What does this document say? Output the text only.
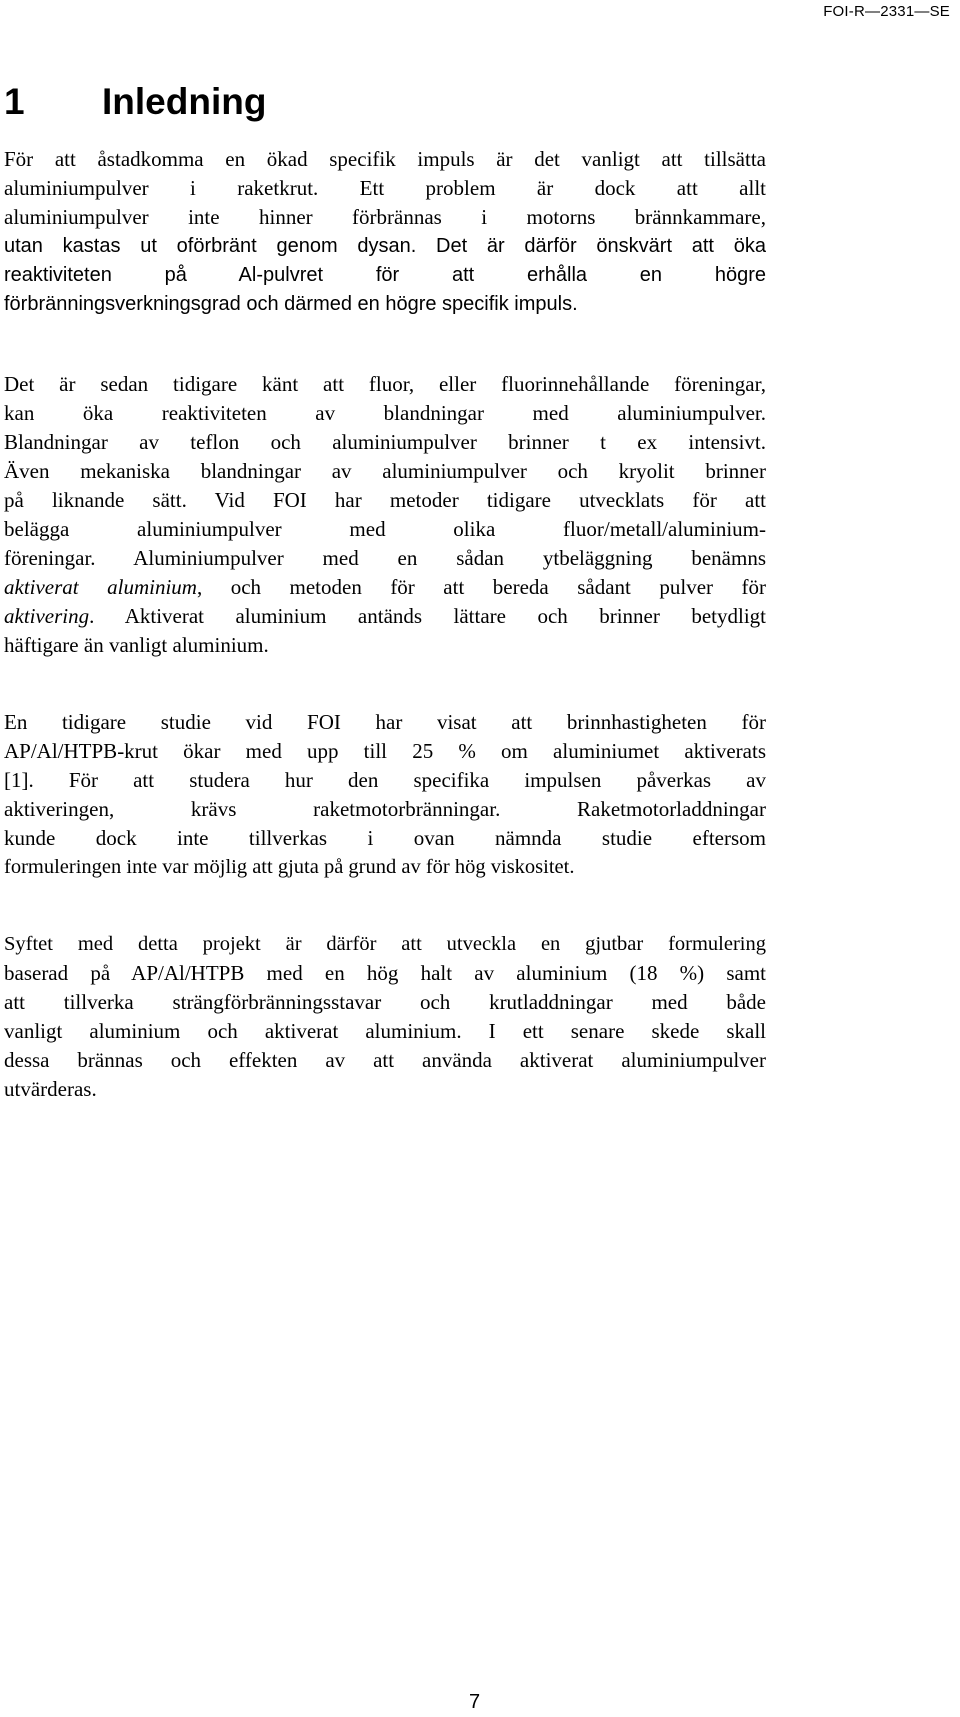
FOI-R—2331—SE
1 Inledning

För att åstadkomma en ökad specifik impuls är det vanligt att tillsätta
aluminiumpulver i raketkrut. Ett problem är dock att allt
aluminiumpulver inte hinner förbrännas i motorns brännkammare,
utan kastas ut oförbränt genom dysan. Det är därför önskvärt att öka
reaktiviteten på Al-pulvret för att erhålla en högre
förbränningsverkningsgrad och därmed en högre specifik impuls.

Det är sedan tidigare känt att fluor, eller fluorinnehållande föreningar,
kan öka reaktiviteten av blandningar med aluminiumpulver.
Blandningar av teflon och aluminiumpulver brinner t ex intensivt.
Även mekaniska blandningar av aluminiumpulver och kryolit brinner
på liknande sätt. Vid FOI har metoder tidigare utvecklats för att
belägga aluminiumpulver med olika fluor/metall/aluminium-
föreningar. Aluminiumpulver med en sådan ytbeläggning benämns
aktiverat aluminium, och metoden för att bereda sådant pulver för
aktivering. Aktiverat aluminium antänds lättare och brinner betydligt
häftigare än vanligt aluminium.

En tidigare studie vid FOI har visat att brinnhastigheten för
AP/Al/HTPB-krut ökar med upp till 25 % om aluminiumet aktiverats
[1]. För att studera hur den specifika impulsen påverkas av
aktiveringen, krävs raketmotorbränningar. Raketmotorladdningar
kunde dock inte tillverkas i ovan nämnda studie eftersom
formuleringen inte var möjlig att gjuta på grund av för hög viskositet.

Syftet med detta projekt är därför att utveckla en gjutbar formulering
baserad på AP/Al/HTPB med en hög halt av aluminium (18 %) samt
att tillverka strängförbränningsstavar och krutladdningar med både
vanligt aluminium och aktiverat aluminium. I ett senare skede skall
dessa brännas och effekten av att använda aktiverat aluminiumpulver
utvärderas.

7
